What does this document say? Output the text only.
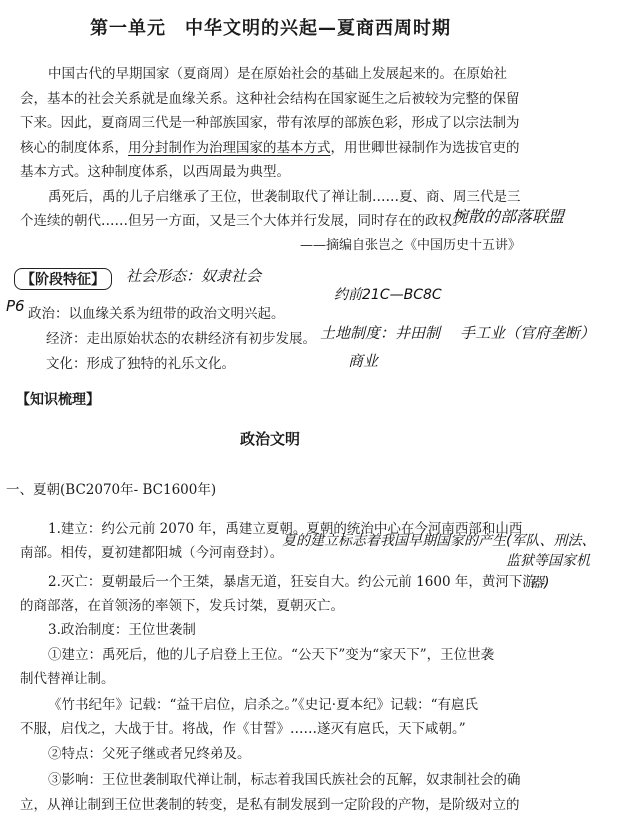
第一单元　中华文明的兴起—夏商西周时期
中国古代的早期国家（夏商周）是在原始社会的基础上发展起来的。在原始社
会，基本的社会关系就是血缘关系。这种社会结构在国家诞生之后被较为完整的保留
下来。因此，夏商周三代是一种部族国家，带有浓厚的部族色彩，形成了以宗法制为
核心的制度体系，用分封制作为治理国家的基本方式，用世卿世禄制作为选拔官吏的
基本方式。这种制度体系，以西周最为典型。
禹死后，禹的儿子启继承了王位，世袭制取代了禅让制……夏、商、周三代是三
个连续的朝代……但另一方面，又是三个大体并行发展，同时存在的政权。
椀散的部落联盟
——摘编自张岂之《中国历史十五讲》
【阶段特征】	社会形态：奴隶社会
P6
约前21C—BC8C
政治：以血缘关系为纽带的政治文明兴起。
经济：走出原始状态的农耕经济有初步发展。 土地制度：井田制 手工业（官府垄断）
文化：形成了独特的礼乐文化。	商业
【知识梳理】
政治文明
一、夏朝(BC2070年- BC1600年)
1.建立：约公元前 2070 年，禹建立夏朝。夏朝的统治中心在今河南西部和山西
南部。相传，夏初建都阳城（今河南登封）。
夏的建立标志着我国早期国家的产生(军队、刑法、
监狱等国家机
器)
2.灭亡：夏朝最后一个王桀，暴虐无道，狂妄自大。约公元前 1600 年，黄河下游
的商部落，在首领汤的率领下，发兵讨桀，夏朝灭亡。
3.政治制度：王位世袭制
①建立：禹死后，他的儿子启登上王位。“公天下”变为“家天下”，王位世袭
制代替禅让制。
《竹书纪年》记载：“益干启位，启杀之。”《史记·夏本纪》记载：“有扈氏
不服，启伐之，大战于甘。将战，作《甘誓》……遂灭有扈氏，天下咸朝。”
②特点：父死子继或者兄终弟及。
③影响：王位世袭制取代禅让制，标志着我国氏族社会的瓦解，奴隶制社会的确
立，从禅让制到王位世袭制的转变，是私有制发展到一定阶段的产物，是阶级对立的
